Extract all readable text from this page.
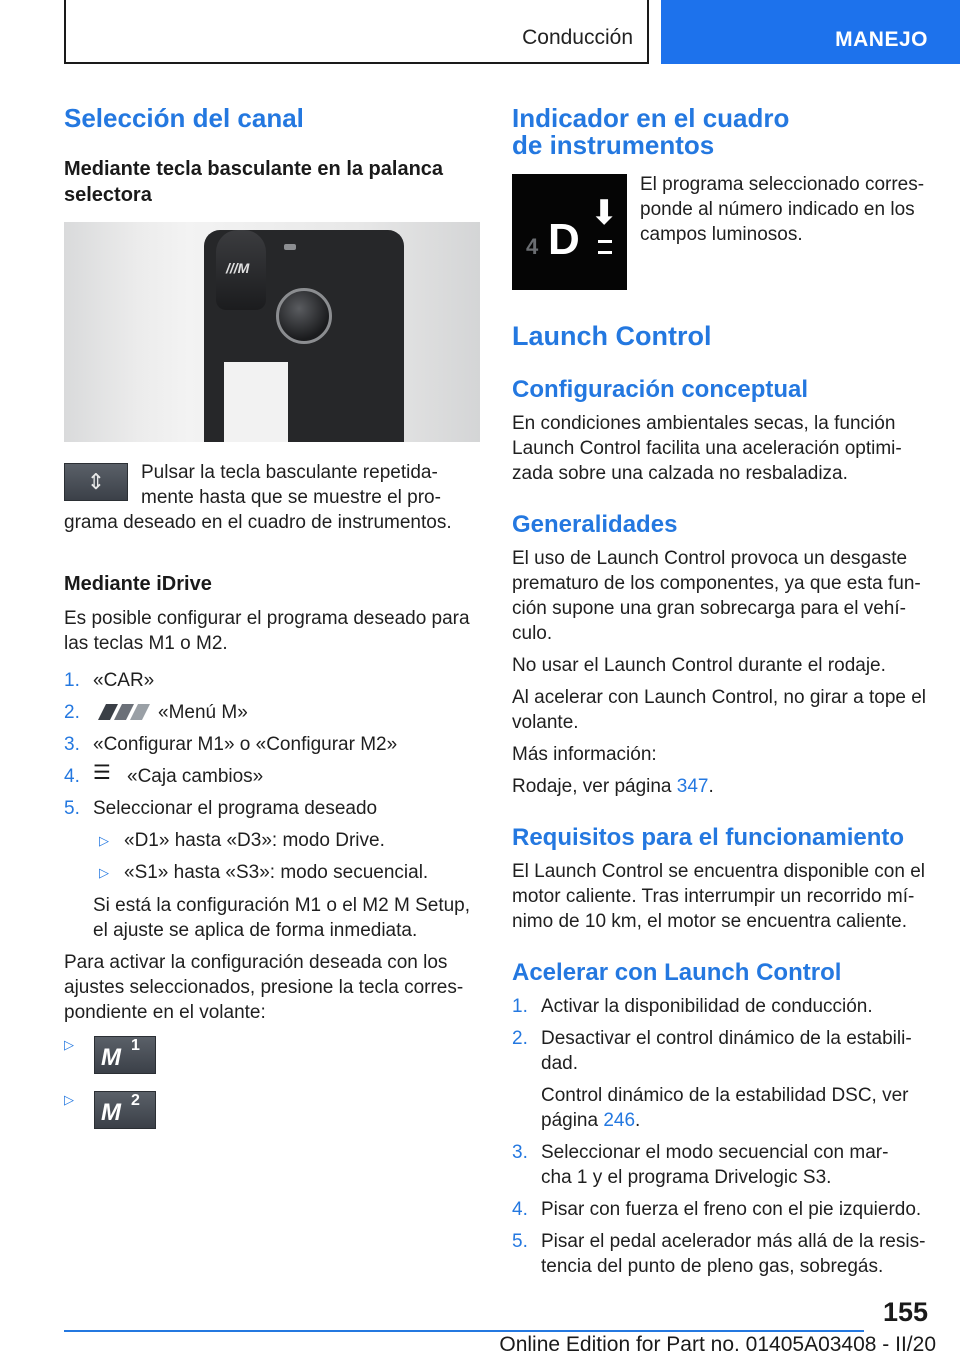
Conducción	MANEJO
Selección del canal
Mediante tecla basculante en la palanca
selectora
///M
⇕	Pulsar la tecla basculante repetida‐
mente hasta que se muestre el pro‐
grama deseado en el cuadro de instrumentos.
Mediante iDrive
Es posible configurar el programa deseado para
las teclas M1 o M2.
1. «CAR»
2.	«Menú M»
3. «Configurar M1» o «Configurar M2»
4. ☰ «Caja cambios»
5. Seleccionar el programa deseado
▷ «D1» hasta «D3»: modo Drive.
▷ «S1» hasta «S3»: modo secuencial.
Si está la configuración M1 o el M2 M Setup,
el ajuste se aplica de forma inmediata.
Para activar la configuración deseada con los
ajustes seleccionados, presione la tecla corres‐
pondiente en el volante:
▷ M 1
▷ M 2
Indicador en el cuadro
de instrumentos
4 D
⬇
El programa seleccionado corres‐
ponde al número indicado en los
campos luminosos.
Launch Control
Configuración conceptual
En condiciones ambientales secas, la función
Launch Control facilita una aceleración optimi‐
zada sobre una calzada no resbaladiza.
Generalidades
El uso de Launch Control provoca un desgaste
prematuro de los componentes, ya que esta fun‐
ción supone una gran sobrecarga para el vehí‐
culo.
No usar el Launch Control durante el rodaje.
Al acelerar con Launch Control, no girar a tope el
volante.
Más información:
Rodaje, ver página 347.
Requisitos para el funcionamiento
El Launch Control se encuentra disponible con el
motor caliente. Tras interrumpir un recorrido mí‐
nimo de 10 km, el motor se encuentra caliente.
Acelerar con Launch Control
1. Activar la disponibilidad de conducción.
2. Desactivar el control dinámico de la estabili‐
dad.
Control dinámico de la estabilidad DSC, ver
página 246.
3. Seleccionar el modo secuencial con mar‐
cha 1 y el programa Drivelogic S3.
4. Pisar con fuerza el freno con el pie izquierdo.
5. Pisar el pedal acelerador más allá de la resis‐
tencia del punto de pleno gas, sobregás.
155
Online Edition for Part no. 01405A03408 - II/20
